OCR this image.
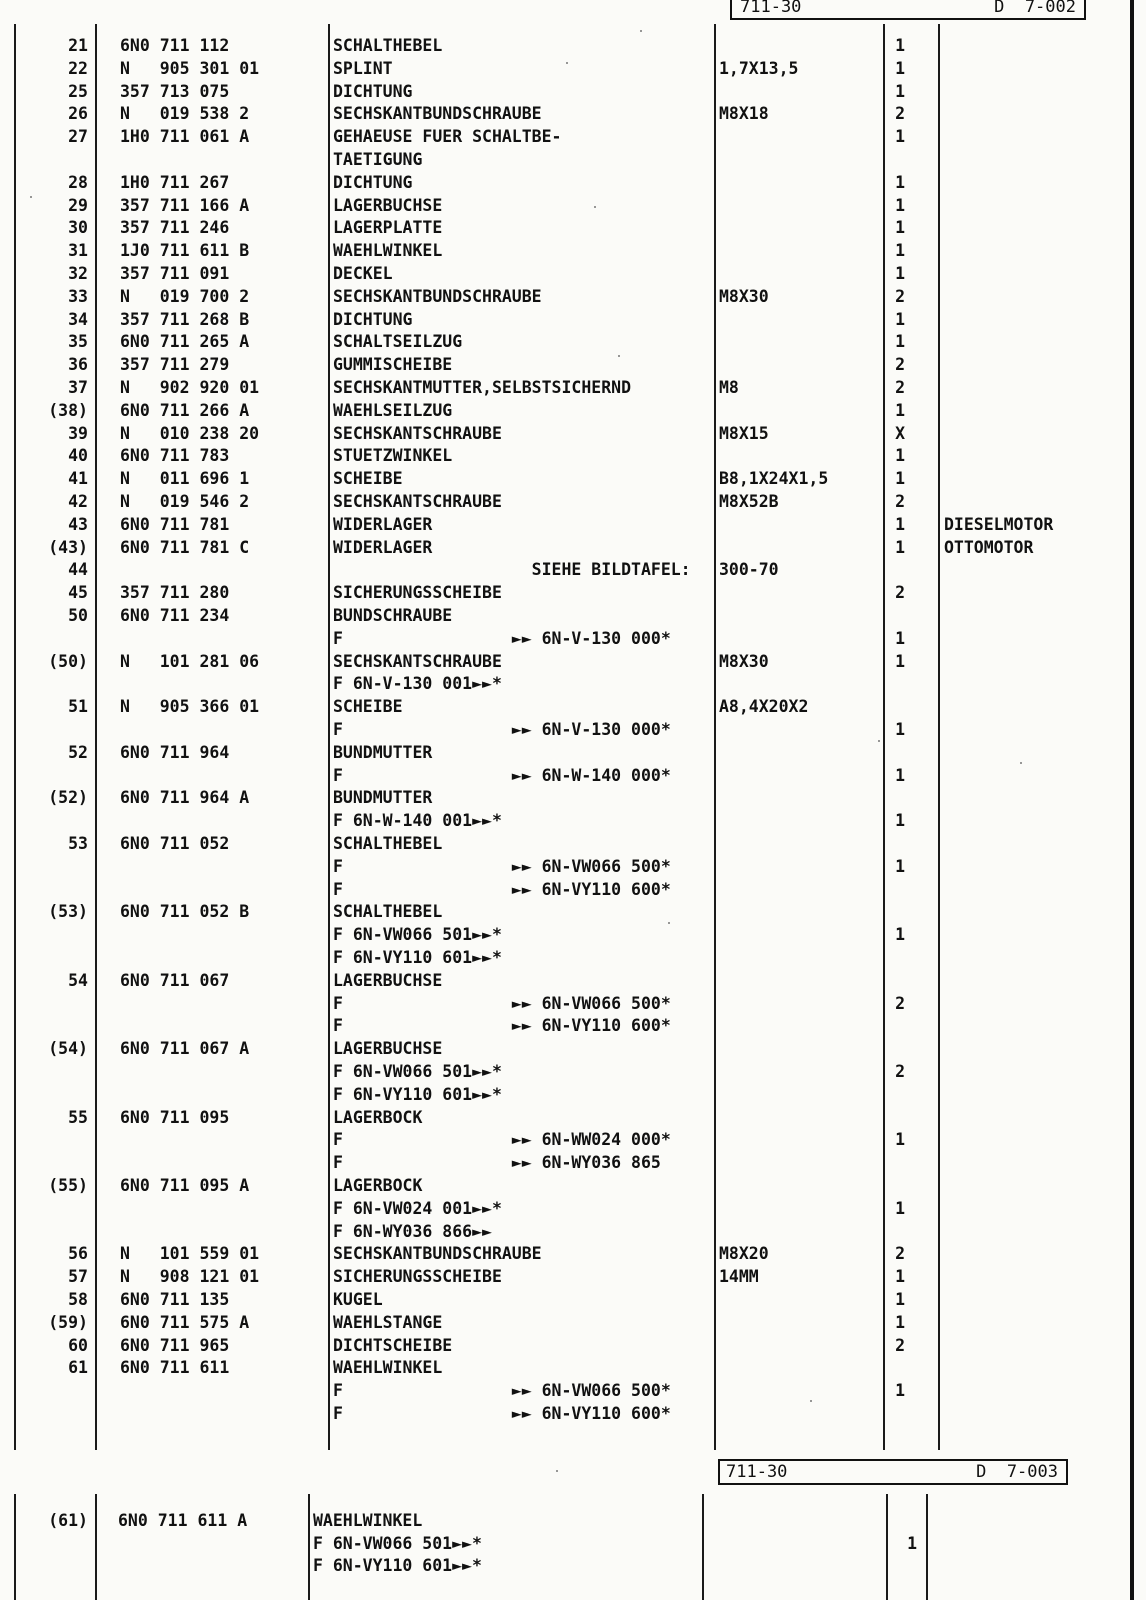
711-30

	D  7-002

21 6N0 711 112	SCHALTHEBEL	1
22 N   905 301 01	SPLINT	1,7X13,5	1
25 357 713 075	DICHTUNG	1
26 N   019 538 2	SECHSKANTBUNDSCHRAUBE	M8X18	2
27 1H0 711 061 A	GEHAEUSE FUER SCHALTBE-	1
TAETIGUNG
28 1H0 711 267	DICHTUNG	1
29 357 711 166 A	LAGERBUCHSE	1
30 357 711 246	LAGERPLATTE	1
31 1J0 711 611 B	WAEHLWINKEL	1
32 357 711 091	DECKEL	1
33 N   019 700 2	SECHSKANTBUNDSCHRAUBE	M8X30	2
34 357 711 268 B	DICHTUNG	1
35 6N0 711 265 A	SCHALTSEILZUG	1
36 357 711 279	GUMMISCHEIBE	2
37 N   902 920 01	SECHSKANTMUTTER,SELBSTSICHERND	M8	2
(38) 6N0 711 266 A	WAEHLSEILZUG	1
39 N   010 238 20	SECHSKANTSCHRAUBE	M8X15	X
40 6N0 711 783	STUETZWINKEL	1
41 N   011 696 1	SCHEIBE	B8,1X24X1,5	1
42 N   019 546 2	SECHSKANTSCHRAUBE	M8X52B	2
43 6N0 711 781	WIDERLAGER	1 DIESELMOTOR
(43) 6N0 711 781 C	WIDERLAGER	1 OTTOMOTOR
44	SIEHE BILDTAFEL: 300-70
45 357 711 280	SICHERUNGSSCHEIBE	2
50 6N0 711 234	BUNDSCHRAUBE
F                 ►► 6N-V-130 000*	1
(50) N   101 281 06	SECHSKANTSCHRAUBE	M8X30	1
F 6N-V-130 001►►*
51 N   905 366 01	SCHEIBE	A8,4X20X2
F                 ►► 6N-V-130 000*	1
52 6N0 711 964	BUNDMUTTER
F                 ►► 6N-W-140 000*	1
(52) 6N0 711 964 A	BUNDMUTTER
F 6N-W-140 001►►*	1
53 6N0 711 052	SCHALTHEBEL
F                 ►► 6N-VW066 500*	1
F                 ►► 6N-VY110 600*
(53) 6N0 711 052 B	SCHALTHEBEL
F 6N-VW066 501►►*	1
F 6N-VY110 601►►*
54 6N0 711 067	LAGERBUCHSE
F                 ►► 6N-VW066 500*	2
F                 ►► 6N-VY110 600*
(54) 6N0 711 067 A	LAGERBUCHSE
F 6N-VW066 501►►*	2
F 6N-VY110 601►►*
55 6N0 711 095	LAGERBOCK
F                 ►► 6N-WW024 000*	1
F                 ►► 6N-WY036 865
(55) 6N0 711 095 A	LAGERBOCK
F 6N-VW024 001►►*	1
F 6N-WY036 866►►
56 N   101 559 01	SECHSKANTBUNDSCHRAUBE	M8X20	2
57 N   908 121 01	SICHERUNGSSCHEIBE	14MM	1
58 6N0 711 135	KUGEL	1
(59) 6N0 711 575 A	WAEHLSTANGE	1
60 6N0 711 965	DICHTSCHEIBE	2
61 6N0 711 611	WAEHLWINKEL
F                 ►► 6N-VW066 500*	1
F                 ►► 6N-VY110 600*

711-30

	D  7-003

(61) 6N0 711 611 A	WAEHLWINKEL
F 6N-VW066 501►►*	1
F 6N-VY110 601►►*
